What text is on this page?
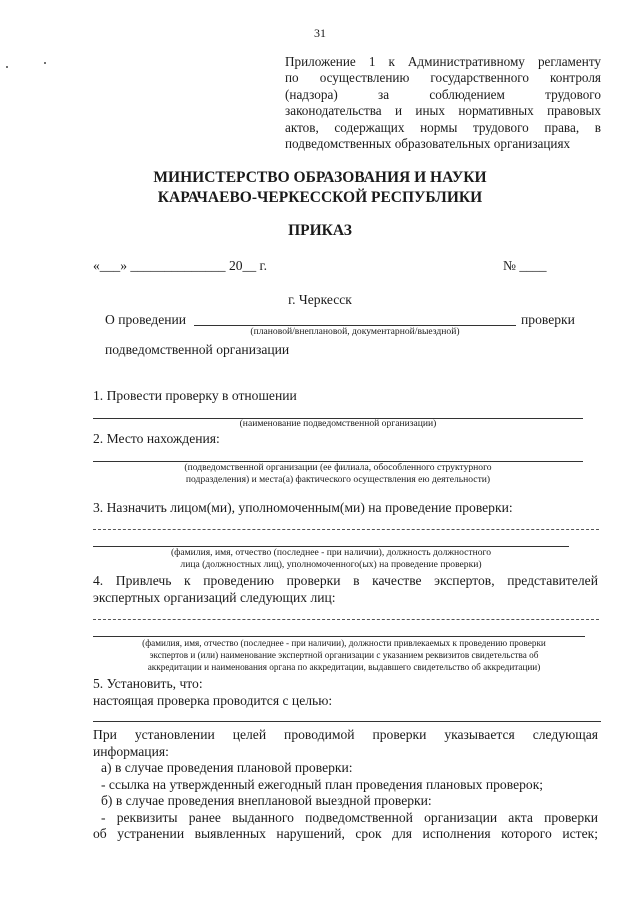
31
Приложение 1 к Административному регламенту
по осуществлению государственного контроля
(надзора) за соблюдением трудового
законодательства и иных нормативных правовых
актов, содержащих нормы трудового права, в
подведомственных образовательных организациях
МИНИСТЕРСТВО ОБРАЗОВАНИЯ И НАУКИ
КАРАЧАЕВО-ЧЕРКЕССКОЙ РЕСПУБЛИКИ
ПРИКАЗ
«___» ______________ 20__ г.	№ ____
г. Черкесск
О проведении	проверки
(плановой/внеплановой, документарной/выездной)
подведомственной организации
1. Провести проверку в отношении
(наименование подведомственной организации)
2. Место нахождения:
(подведомственной организации (ее филиала, обособленного структурного
подразделения) и места(а) фактического осуществления ею деятельности)
3. Назначить лицом(ми), уполномоченным(ми) на проведение проверки:
(фамилия, имя, отчество (последнее - при наличии), должность должностного
лица (должностных лиц), уполномоченного(ых) на проведение проверки)
4. Привлечь к проведению проверки в качестве экспертов, представителей
экспертных организаций следующих лиц:
(фамилия, имя, отчество (последнее - при наличии), должности привлекаемых к проведению проверки
экспертов и (или) наименование экспертной организации с указанием реквизитов свидетельства об
аккредитации и наименования органа по аккредитации, выдавшего свидетельство об аккредитации)
5. Установить, что:
настоящая проверка проводится с целью:
При установлении целей проводимой проверки указывается следующая
информация:
а) в случае проведения плановой проверки:
- ссылка на утвержденный ежегодный план проведения плановых проверок;
б) в случае проведения внеплановой выездной проверки:
- реквизиты ранее выданного подведомственной организации акта проверки
об устранении выявленных нарушений, срок для исполнения которого истек;
